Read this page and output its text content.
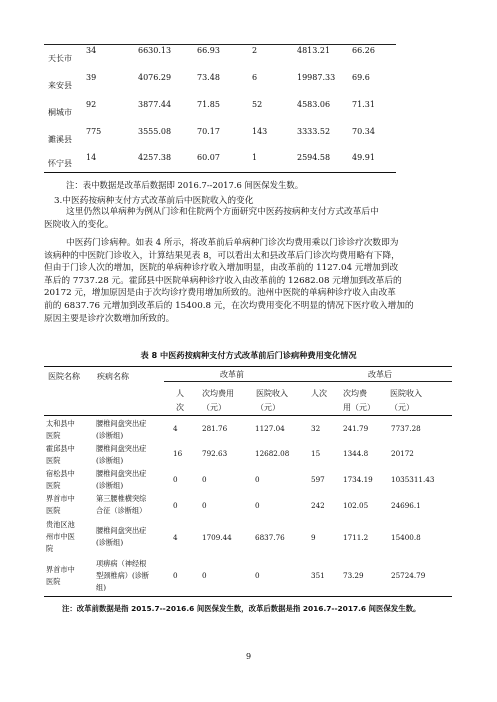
天长市
34	6630.13	66.93	2	4813.21	66.26
来安县
39	4076.29	73.48	6	19987.33 69.6
桐城市
92	3877.44	71.85	52	4583.06	71.31
濉溪县
775	3555.08	70.17	143	3333.52	70.34
怀宁县
14	4257.38	60.07	1	2594.58	49.91
注：表中数据是改革后数据即 2016.7--2017.6 间医保发生数。
3.中医药按病种支付方式改革前后中医院收入的变化
这里仍然以单病种为例从门诊和住院两个方面研究中医药按病种支付方式改革后中
医院收入的变化。
中医药门诊病种。如表 4 所示，将改革前后单病种门诊次均费用乘以门诊诊疗次数即为
该病种的中医院门诊收入，计算结果见表 8，可以看出太和县改革后门诊次均费用略有下降，
但由于门诊人次的增加，医院的单病种诊疗收入增加明显，由改革前的 1127.04 元增加到改
革后的 7737.28 元。霍邱县中医院单病种诊疗收入由改革前的 12682.08 元增加到改革后的
20172 元，增加原因是由于次均诊疗费用增加所致的。池州中医院的单病种诊疗收入由改革
前的 6837.76 元增加到改革后的 15400.8 元，在次均费用变化不明显的情况下医疗收入增加的
原因主要是诊疗次数增加所致的。
表 8 中医药按病种支付方式改革前后门诊病种费用变化情况
医院名称 疾病名称	改革前	改革后
人
次
次均费用
（元）
医院收入
（元）
人次 次均费
用（元）
医院收入
（元）
太和县中
医院
腰椎间盘突出症
(诊断组)
4	281.76	1127.04	32	241.79	7737.28
霍邱县中
医院
腰椎间盘突出症
(诊断组)
16	792.63	12682.08	15	1344.8	20172
宿松县中
医院
腰椎间盘突出症
(诊断组)
0	0	0	597	1734.19	1035311.43
界首市中
医院
第三腰椎横突综
合征（诊断组）
0	0	0	242	102.05	24696.1
贵池区池
州市中医
院
腰椎间盘突出症
(诊断组)
4	1709.44	6837.76	9	1711.2	15400.8
界首市中
医院
项痹病（神经根
型颈椎病）(诊断
组)
0	0	0	351	73.29	25724.79
注：改革前数据是指 2015.7--2016.6 间医保发生数，改革后数据是指 2016.7--2017.6 间医保发生数。
9
